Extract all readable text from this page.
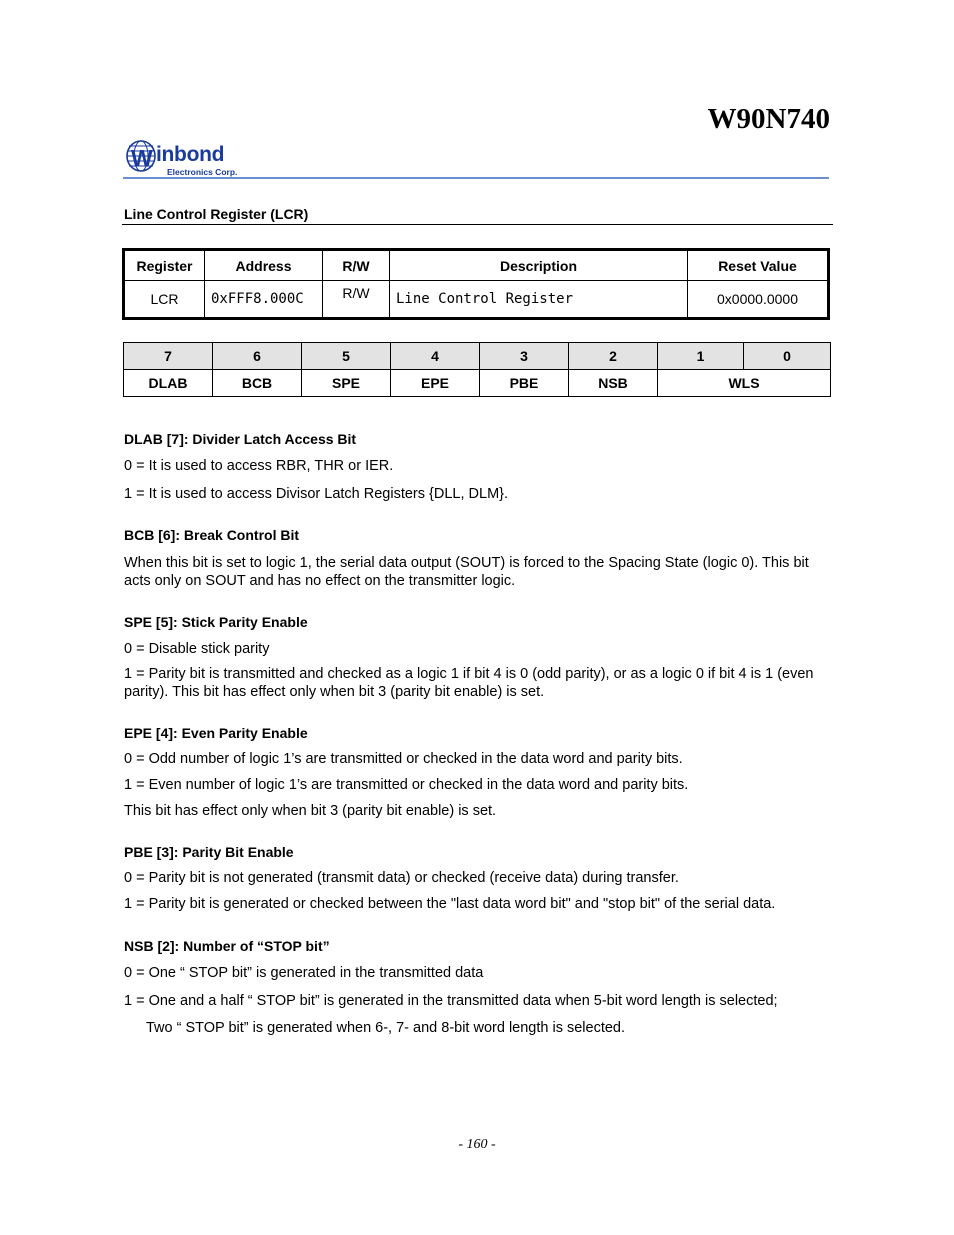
W90N740
W inbond
Electronics Corp.
Line Control Register (LCR)
Register	Address	R/W	Description	Reset Value
LCR	0xFFF8.000C	R/W	Line Control Register	0x0000.0000
7	6	5	4	3	2	1	0
DLAB	BCB	SPE	EPE	PBE	NSB	WLS	
DLAB [7]: Divider Latch Access Bit
0 = It is used to access RBR, THR or IER.
1 = It is used to access Divisor Latch Registers {DLL, DLM}.
BCB [6]: Break Control Bit
When this bit is set to logic 1, the serial data output (SOUT) is forced to the Spacing State (logic 0). This bit acts only on SOUT and has no effect on the transmitter logic.
SPE [5]: Stick Parity Enable
0 = Disable stick parity
1 = Parity bit is transmitted and checked as a logic 1 if bit 4 is 0 (odd parity), or as a logic 0 if bit 4 is 1 (even parity). This bit has effect only when bit 3 (parity bit enable) is set.
EPE [4]: Even Parity Enable
0 = Odd number of logic 1’s are transmitted or checked in the data word and parity bits.
1 = Even number of logic 1’s are transmitted or checked in the data word and parity bits.
This bit has effect only when bit 3 (parity bit enable) is set.
PBE [3]: Parity Bit Enable
0 = Parity bit is not generated (transmit data) or checked (receive data) during transfer.
1 = Parity bit is generated or checked between the "last data word bit" and "stop bit" of the serial data.
NSB [2]: Number of “STOP bit”
0 = One “ STOP bit” is generated in the transmitted data
1 = One and a half “ STOP bit” is generated in the transmitted data when 5-bit word length is selected;
Two “ STOP bit” is generated when 6-, 7- and 8-bit word length is selected.
- 160 -
